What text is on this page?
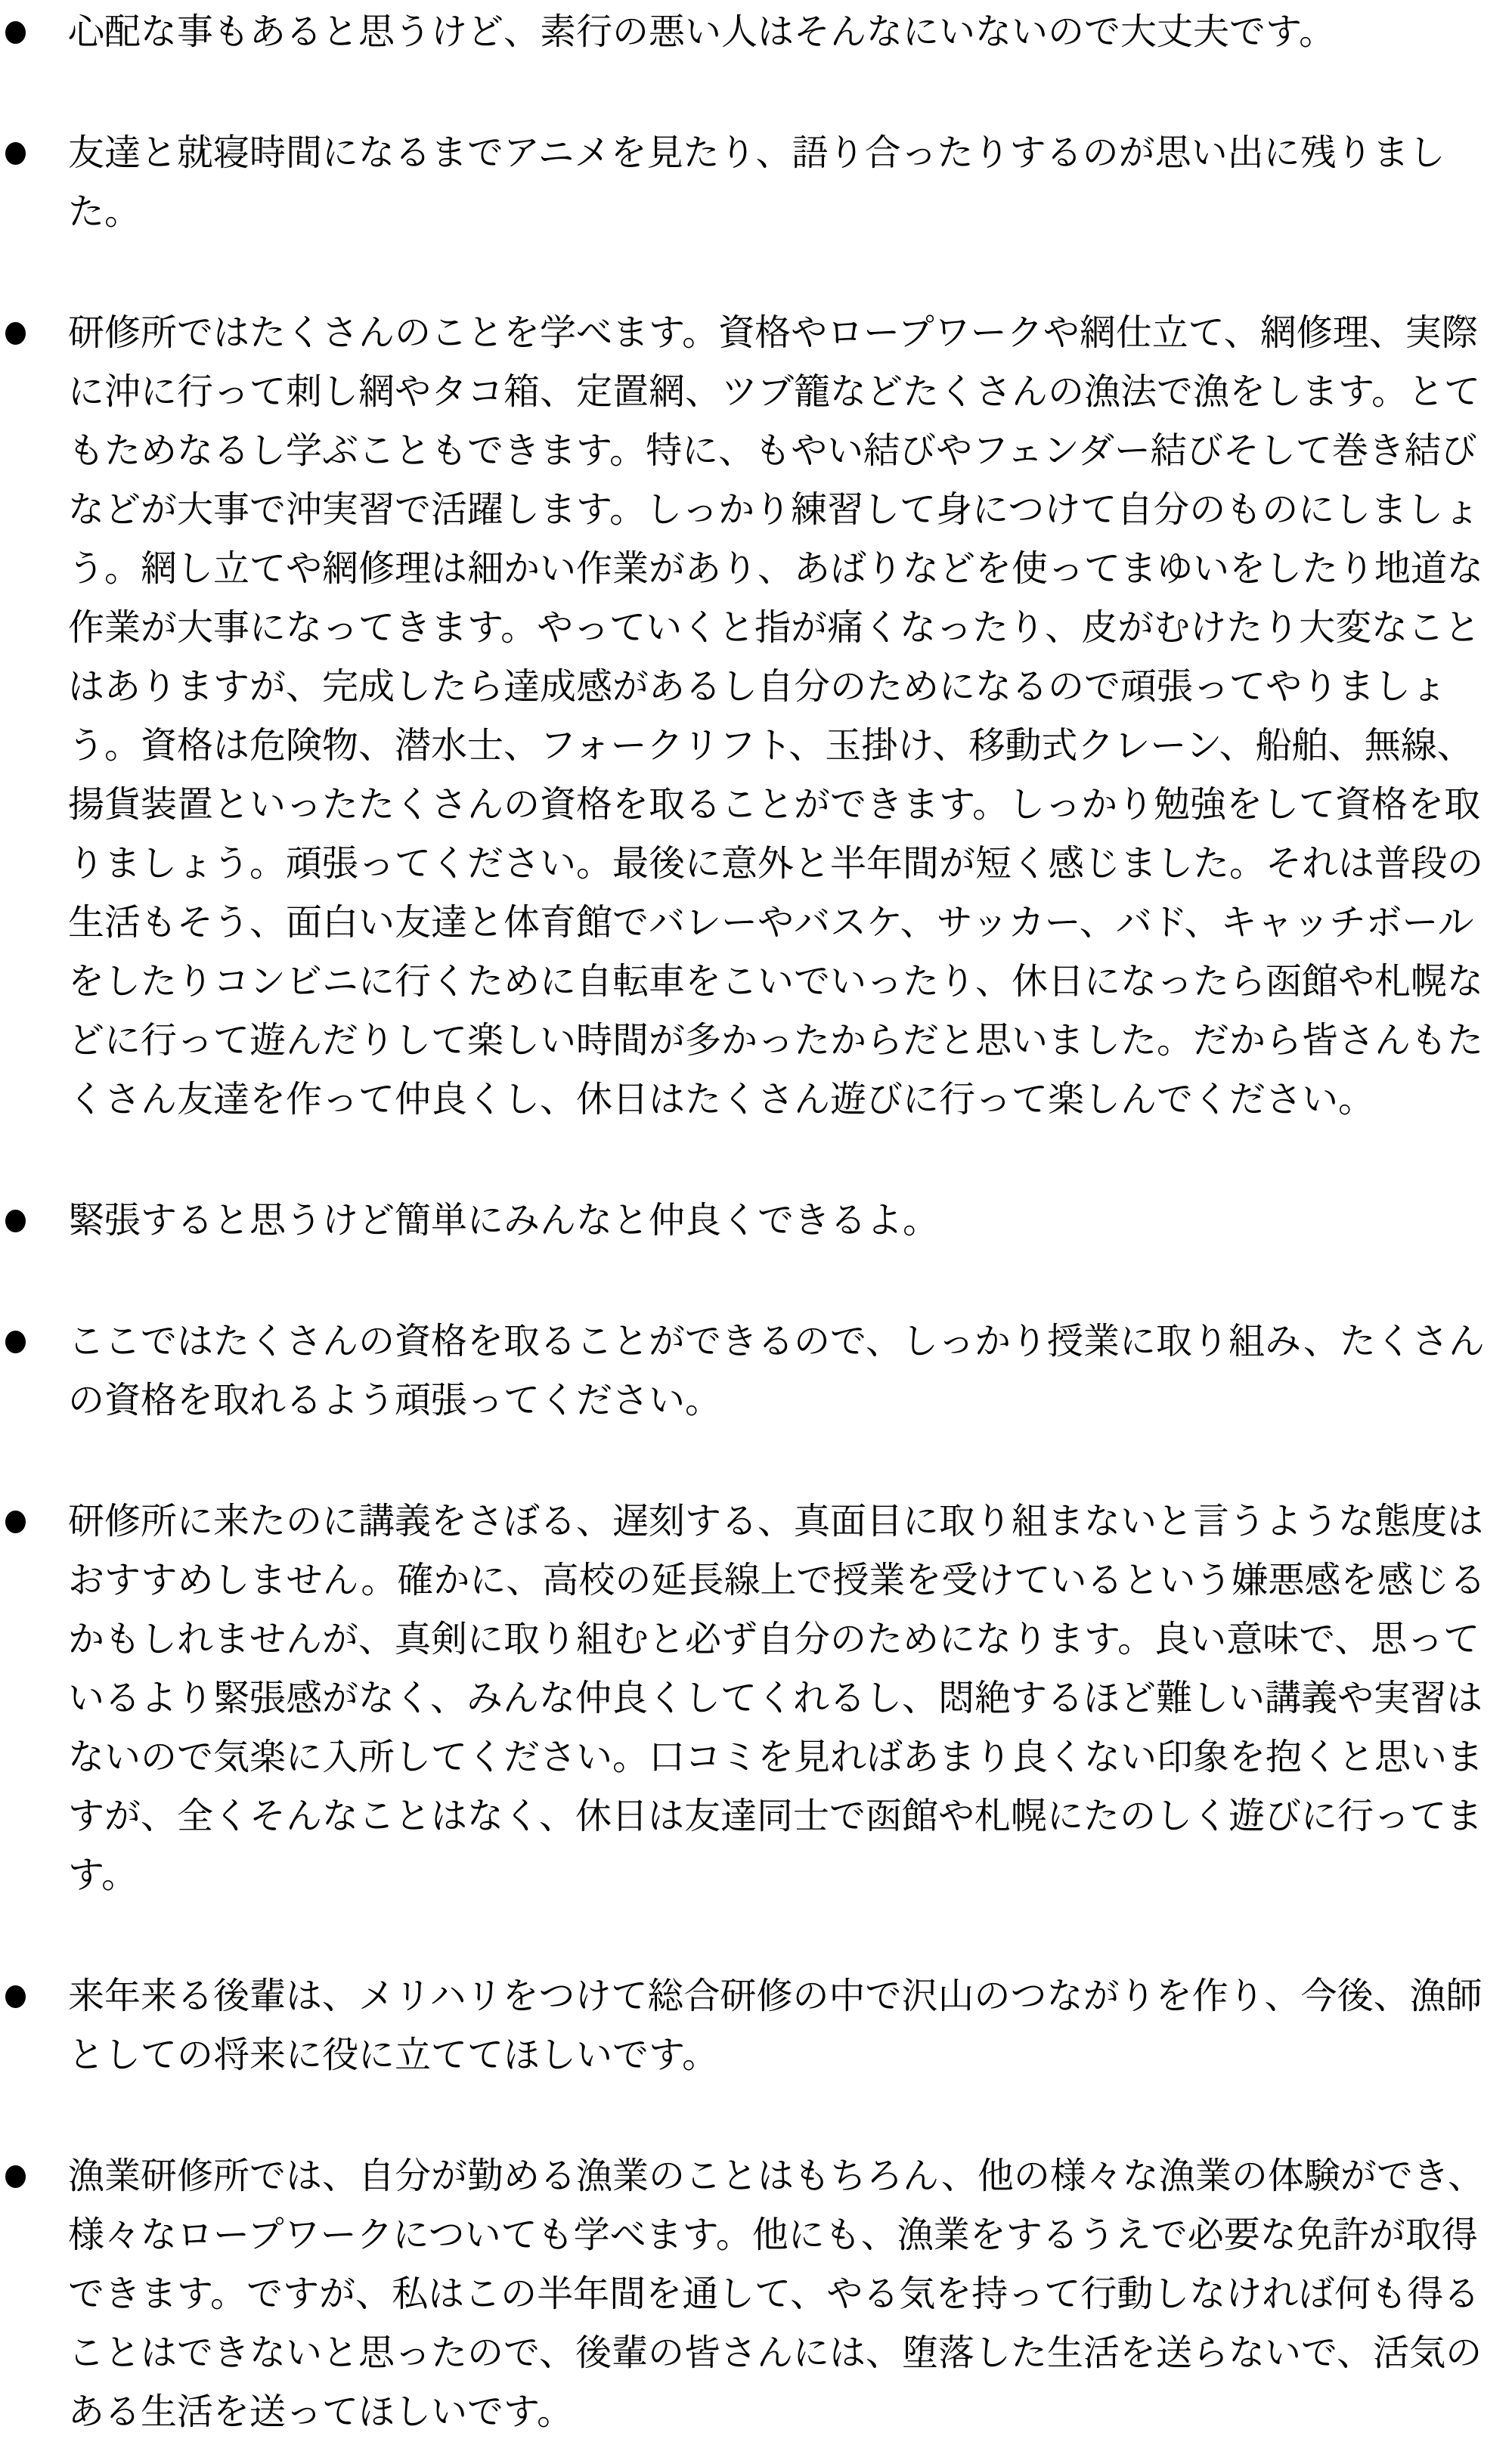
心配な事もあると思うけど、素行の悪い人はそんなにいないので大丈夫です。

友達と就寝時間になるまでアニメを見たり、語り合ったりするのが思い出に残りました。

研修所ではたくさんのことを学べます。資格やロープワークや網仕立て、網修理、実際に沖に行って刺し網やタコ箱、定置網、ツブ籠などたくさんの漁法で漁をします。とてもためなるし学ぶこともできます。特に、もやい結びやフェンダー結びそして巻き結びなどが大事で沖実習で活躍します。しっかり練習して身につけて自分のものにしましょう。網し立てや網修理は細かい作業があり、あばりなどを使ってまゆいをしたり地道な作業が大事になってきます。やっていくと指が痛くなったり、皮がむけたり大変なことはありますが、完成したら達成感があるし自分のためになるので頑張ってやりましょう。資格は危険物、潜水士、フォークリフト、玉掛け、移動式クレーン、船舶、無線、揚貨装置といったたくさんの資格を取ることができます。しっかり勉強をして資格を取りましょう。頑張ってください。最後に意外と半年間が短く感じました。それは普段の生活もそう、面白い友達と体育館でバレーやバスケ、サッカー、バド、キャッチボールをしたりコンビニに行くために自転車をこいでいったり、休日になったら函館や札幌などに行って遊んだりして楽しい時間が多かったからだと思いました。だから皆さんもたくさん友達を作って仲良くし、休日はたくさん遊びに行って楽しんでください。

緊張すると思うけど簡単にみんなと仲良くできるよ。

ここではたくさんの資格を取ることができるので、しっかり授業に取り組み、たくさんの資格を取れるよう頑張ってください。

研修所に来たのに講義をさぼる、遅刻する、真面目に取り組まないと言うような態度はおすすめしません。確かに、高校の延長線上で授業を受けているという嫌悪感を感じるかもしれませんが、真剣に取り組むと必ず自分のためになります。良い意味で、思っているより緊張感がなく、みんな仲良くしてくれるし、悶絶するほど難しい講義や実習はないので気楽に入所してください。口コミを見ればあまり良くない印象を抱くと思いますが、全くそんなことはなく、休日は友達同士で函館や札幌にたのしく遊びに行ってます。

来年来る後輩は、メリハリをつけて総合研修の中で沢山のつながりを作り、今後、漁師としての将来に役に立ててほしいです。

漁業研修所では、自分が勤める漁業のことはもちろん、他の様々な漁業の体験ができ、様々なロープワークについても学べます。他にも、漁業をするうえで必要な免許が取得できます。ですが、私はこの半年間を通して、やる気を持って行動しなければ何も得ることはできないと思ったので、後輩の皆さんには、堕落した生活を送らないで、活気のある生活を送ってほしいです。
